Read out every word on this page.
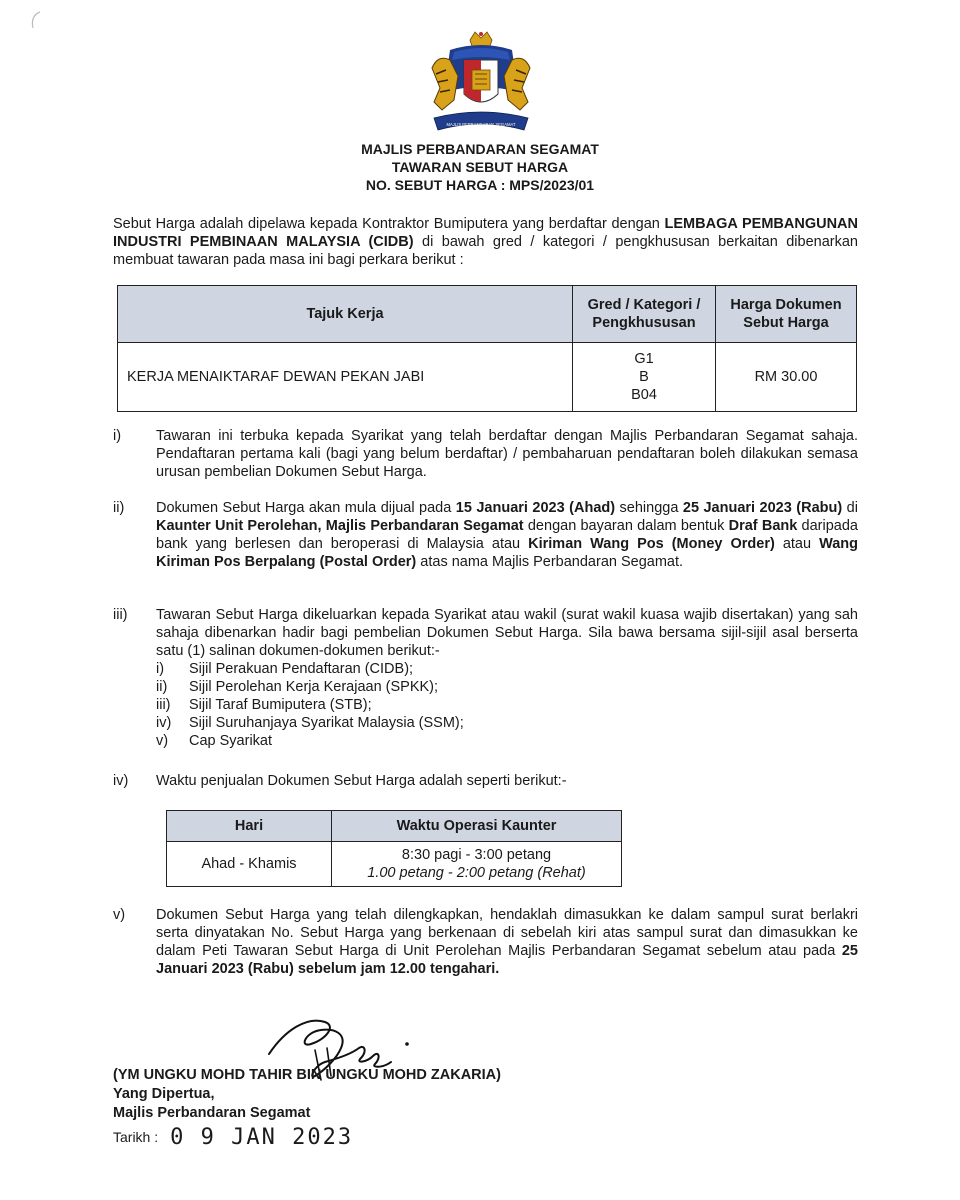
MAJLIS PERBANDARAN SEGAMAT
MAJLIS PERBANDARAN SEGAMAT
TAWARAN SEBUT HARGA
NO. SEBUT HARGA : MPS/2023/01
Sebut Harga adalah dipelawa kepada Kontraktor Bumiputera yang berdaftar dengan LEMBAGA PEMBANGUNAN INDUSTRI PEMBINAAN MALAYSIA (CIDB) di bawah gred / kategori / pengkhususan berkaitan dibenarkan membuat tawaran pada masa ini bagi perkara berikut :
Tajuk Kerja	Gred / Kategori / Pengkhususan	Harga Dokumen Sebut Harga
KERJA MENAIKTARAF DEWAN PEKAN JABI	G1
B
B04	RM 30.00
i) Tawaran ini terbuka kepada Syarikat yang telah berdaftar dengan Majlis Perbandaran Segamat sahaja. Pendaftaran pertama kali (bagi yang belum berdaftar) / pembaharuan pendaftaran boleh dilakukan semasa urusan pembelian Dokumen Sebut Harga.
ii) Dokumen Sebut Harga akan mula dijual pada 15 Januari 2023 (Ahad) sehingga 25 Januari 2023 (Rabu) di Kaunter Unit Perolehan, Majlis Perbandaran Segamat dengan bayaran dalam bentuk Draf Bank daripada bank yang berlesen dan beroperasi di Malaysia atau Kiriman Wang Pos (Money Order) atau Wang Kiriman Pos Berpalang (Postal Order) atas nama Majlis Perbandaran Segamat.
iii) Tawaran Sebut Harga dikeluarkan kepada Syarikat atau wakil (surat wakil kuasa wajib disertakan) yang sah sahaja dibenarkan hadir bagi pembelian Dokumen Sebut Harga. Sila bawa bersama sijil-sijil asal berserta satu (1) salinan dokumen-dokumen berikut:-
i) Sijil Perakuan Pendaftaran (CIDB);
ii) Sijil Perolehan Kerja Kerajaan (SPKK);
iii) Sijil Taraf Bumiputera (STB);
iv) Sijil Suruhanjaya Syarikat Malaysia (SSM);
v) Cap Syarikat
iv) Waktu penjualan Dokumen Sebut Harga adalah seperti berikut:-
Hari	Waktu Operasi Kaunter
Ahad - Khamis	8:30 pagi - 3:00 petang
1.00 petang - 2:00 petang (Rehat)
v) Dokumen Sebut Harga yang telah dilengkapkan, hendaklah dimasukkan ke dalam sampul surat berlakri serta dinyatakan No. Sebut Harga yang berkenaan di sebelah kiri atas sampul surat dan dimasukkan ke dalam Peti Tawaran Sebut Harga di Unit Perolehan Majlis Perbandaran Segamat sebelum atau pada 25 Januari 2023 (Rabu) sebelum jam 12.00 tengahari.
(YM UNGKU MOHD TAHIR BIN UNGKU MOHD ZAKARIA)
Yang Dipertua,
Majlis Perbandaran Segamat
Tarikh : 0 9 JAN 2023
